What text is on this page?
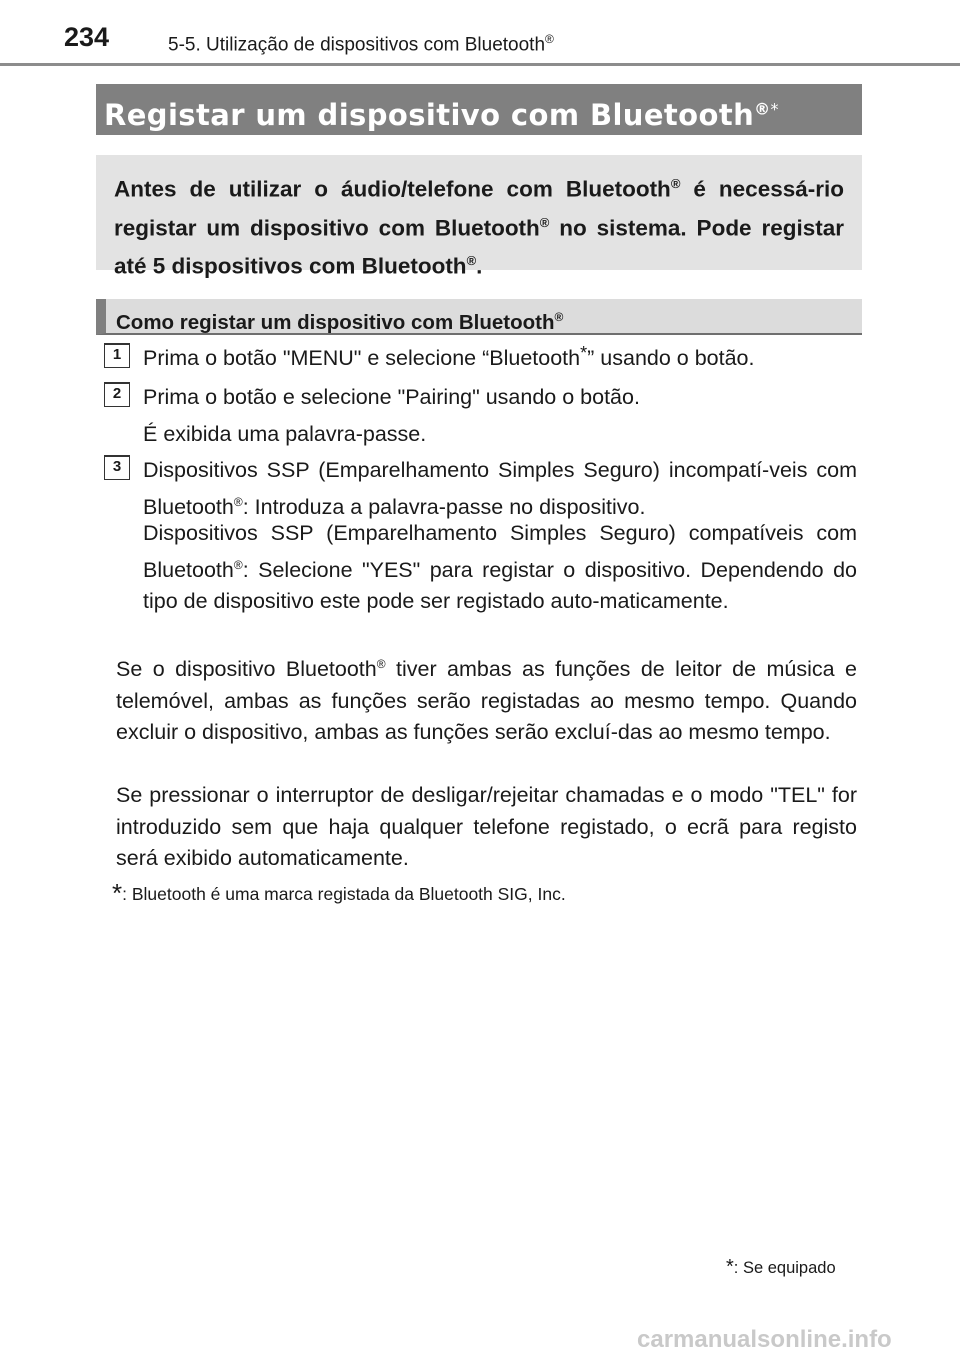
234	5-5. Utilização de dispositivos com Bluetooth®
Registar um dispositivo com Bluetooth®*
Antes de utilizar o áudio/telefone com Bluetooth® é necessá-rio registar um dispositivo com Bluetooth® no sistema. Pode registar até 5 dispositivos com Bluetooth®.
Como registar um dispositivo com Bluetooth®
1	Prima o botão "MENU" e selecione “Bluetooth*” usando o botão.
2	Prima o botão e selecione "Pairing" usando o botão.
É exibida uma palavra-passe.
3	Dispositivos SSP (Emparelhamento Simples Seguro) incompatí-veis com Bluetooth®: Introduza a palavra-passe no dispositivo.
Dispositivos SSP (Emparelhamento Simples Seguro) compatíveis com Bluetooth®: Selecione "YES" para registar o dispositivo. Dependendo do tipo de dispositivo este pode ser registado auto-maticamente.
Se o dispositivo Bluetooth® tiver ambas as funções de leitor de música e telemóvel, ambas as funções serão registadas ao mesmo tempo. Quando excluir o dispositivo, ambas as funções serão excluí-das ao mesmo tempo.
Se pressionar o interruptor de desligar/rejeitar chamadas e o modo "TEL" for introduzido sem que haja qualquer telefone registado, o ecrã para registo será exibido automaticamente.
*: Bluetooth é uma marca registada da Bluetooth SIG, Inc.
*: Se equipado
carmanualsonline.info
